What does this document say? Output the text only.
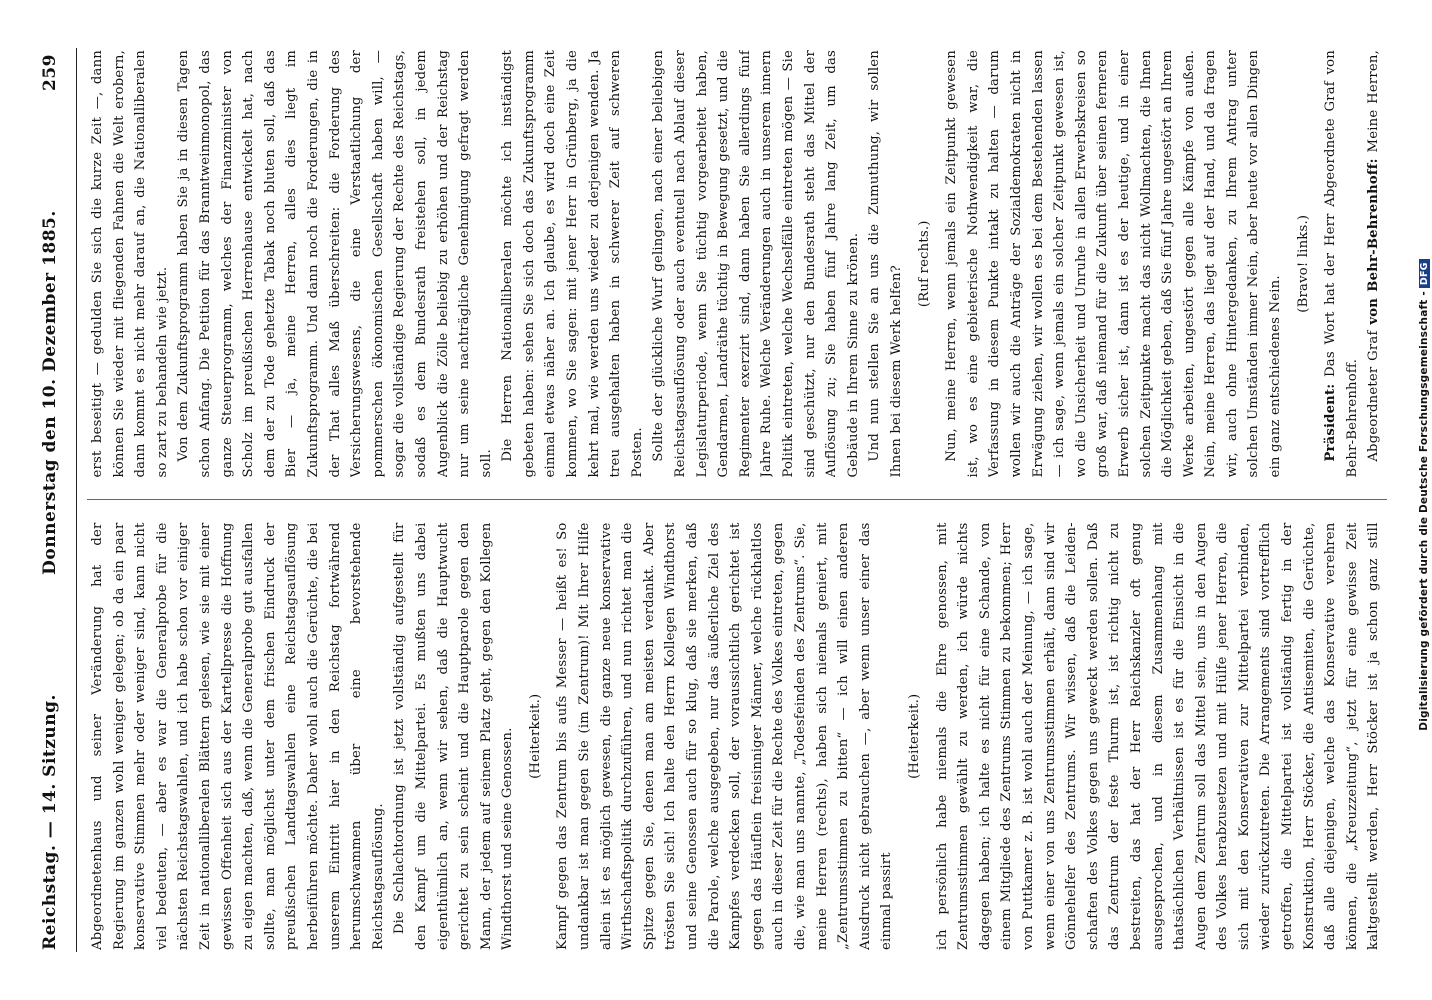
Reichstag. — 14. Sitzung.
Donnerstag den 10. Dezember 1885.
259

Abgeordnetenhaus und seiner Veränderung hat der Regierung im ganzen wohl weniger gelegen; ob da ein paar konservative Stimmen mehr oder weniger sind, kann nicht viel bedeuten, — aber es war die Generalprobe für die nächsten Reichstagswahlen, und ich habe schon vor einiger Zeit in nationalliberalen Blättern gelesen, wie sie mit einer gewissen Offenheit sich aus der Kartellpresse die Hoffnung zu eigen machten, daß, wenn die Generalprobe gut ausfallen sollte, man möglichst unter dem frischen Eindruck der preußischen Landtagswahlen eine Reichstagsauflösung herbeiführen möchte. Daher wohl auch die Gerüchte, die bei unserem Eintritt hier in den Reichstag fortwährend herumschwammen über eine bevorstehende Reichstagsauflösung. Die Schlachtordnung ist jetzt vollständig aufgestellt für den Kampf um die Mittelpartei. Es mußten uns dabei eigenthümlich an, wenn wir sehen, daß die Hauptwucht gerichtet zu sein scheint und die Hauptparole gegen den Mann, der jedem auf seinem Platz geht, gegen den Kollegen Windthorst und seine Genossen. (Heiterkeit.) Kampf gegen das Zentrum bis aufs Messer — heißt es! So undankbar ist man gegen Sie (im Zentrum)! Mit Ihrer Hilfe allein ist es möglich gewesen, die ganze neue konservative Wirthschaftspolitik durchzuführen, und nun richtet man die Spitze gegen Sie, denen man am meisten verdankt. Aber trösten Sie sich! Ich halte den Herrn Kollegen Windthorst und seine Genossen auch für so klug, daß sie merken, daß die Parole, welche ausgegeben, nur das äußerliche Ziel des Kampfes verdecken soll, der voraussichtlich gerichtet ist gegen das Häuflein freisinniger Männer, welche rückhaltlos auch in dieser Zeit für die Rechte des Volkes eintreten, gegen die, wie man uns nannte, „Todesfeinden des Zentrums“. Sie, meine Herren (rechts), haben sich niemals geniert, mit „Zentrumsstimmen zu bitten“ — ich will einen anderen Ausdruck nicht gebrauchen —, aber wenn unser einer das einmal passirt

(Heiterkeit.)

ich persönlich habe niemals die Ehre genossen, mit Zentrumsstimmen gewählt zu werden, ich würde nichts dagegen haben; ich halte es nicht für eine Schande, von einem Mitgliede des Zentrums Stimmen zu bekommen; Herr von Puttkamer z. B. ist wohl auch der Meinung, — ich sage, wenn einer von uns Zentrumsstimmen erhält, dann sind wir Gönnehelfer des Zentrums. Wir wissen, daß die Leidenschaften des Volkes gegen uns geweckt werden sollen. Daß das Zentrum der feste Thurm ist, ist richtig nicht zu bestreiten, das hat der Herr Reichskanzler oft genug ausgesprochen, und in diesem Zusammenhang mit thatsächlichen Verhältnissen ist es für die Einsicht in die Augen dem Zentrum soll das Mittel sein, uns in den Augen des Volkes herabzusetzen und mit Hülfe jener Herren, die sich mit den Konservativen zur Mittelpartei verbinden, wieder zurückzutreten. Die Arrangements sind vortrefflich getroffen, die Mittelpartei ist vollständig fertig in der Konstruktion, Herr Stöcker, die Antisemiten, die Gerüchte, daß alle diejenigen, welche das Konservative verehren können, die „Kreuzzeitung“, jetzt für eine gewisse Zeit kaltgestellt werden, Herr Stöcker ist ja schon ganz still

erst beseitigt — gedulden Sie sich die kurze Zeit —, dann können Sie wieder mit fliegenden Fahnen die Welt erobern, dann kommt es nicht mehr darauf an, die Nationalliberalen so zart zu behandeln wie jetzt. Von dem Zukunftsprogramm haben Sie ja in diesen Tagen schon Anfang. Die Petition für das Branntweinmonopol, das ganze Steuerprogramm, welches der Finanzminister von Scholz im preußischen Herrenhause entwickelt hat, nach dem der zu Tode gehetzte Tabak noch bluten soll, daß das Bier — ja, meine Herren, alles dies liegt im Zukunftsprogramm. Und dann noch die Forderungen, die in der That alles Maß überschreiten: die Forderung des Versicherungswesens, die eine Verstaatlichung der pommerschen ökonomischen Gesellschaft haben will, — sogar die vollständige Regierung der Rechte des Reichstags, sodaß es dem Bundesrath freistehen soll, in jedem Augenblick die Zölle beliebig zu erhöhen und der Reichstag nur um seine nachträgliche Genehmigung gefragt werden soll.

Die Herren Nationalliberalen möchte ich inständigst gebeten haben: sehen Sie sich doch das Zukunftsprogramm einmal etwas näher an. Ich glaube, es wird doch eine Zeit kommen, wo Sie sagen: mit jener Herr in Grünberg, ja die kehrt mal, wie werden uns wieder zu derjenigen wenden. Ja treu ausgehalten haben in schwerer Zeit auf schweren Posten. Sollte der glückliche Wurf gelingen, nach einer beliebigen Reichstagsauflösung oder auch eventuell nach Ablauf dieser Legislaturperiode, wenn Sie tüchtig vorgearbeitet haben, Gendarmen, Landräthe tüchtig in Bewegung gesetzt, und die Regimenter exerzirt sind, dann haben Sie allerdings fünf Jahre Ruhe. Welche Veränderungen auch in unserem innern Politik eintreten, welche Wechselfälle eintreten mögen — Sie sind geschützt, nur den Bundesrath steht das Mittel der Auflösung zu; Sie haben fünf Jahre lang Zeit, um das Gebäude in Ihrem Sinne zu krönen. Und nun stellen Sie an uns die Zumuthung, wir sollen Ihnen bei diesem Werk helfen?

(Ruf rechts.) Nun, meine Herren, wenn jemals ein Zeitpunkt gewesen ist, wo es eine gebieterische Nothwendigkeit war, die Verfassung in diesem Punkte intakt zu halten — darum wollen wir auch die Anträge der Sozialdemokraten nicht in Erwägung ziehen, wir wollen es bei dem Bestehenden lassen — ich sage, wenn jemals ein solcher Zeitpunkt gewesen ist, wo die Unsicherheit und Unruhe in allen Erwerbskreisen so groß war, daß niemand für die Zukunft über seinen ferneren Erwerb sicher ist, dann ist es der heutige, und in einer solchen Zeitpunkte macht das nicht Wollmachten, die Ihnen die Möglichkeit geben, daß Sie fünf Jahre ungestört an Ihrem Werke arbeiten, ungestört gegen alle Kämpfe von außen. Nein, meine Herren, das liegt auf der Hand, und da fragen wir, auch ohne Hintergedanken, zu Ihrem Antrag unter solchen Umständen immer Nein, aber heute vor allen Dingen ein ganz entschiedenes Nein.

(Bravo! links.)

Präsident: Das Wort hat der Herr Abgeordnete Graf von Behr-Behrenhoff. Abgeordneter Graf von Behr-Behrenhoff: Meine Herren,

Digitalisierung gefördert durch die Deutsche Forschungsgemeinschaft -DFG
